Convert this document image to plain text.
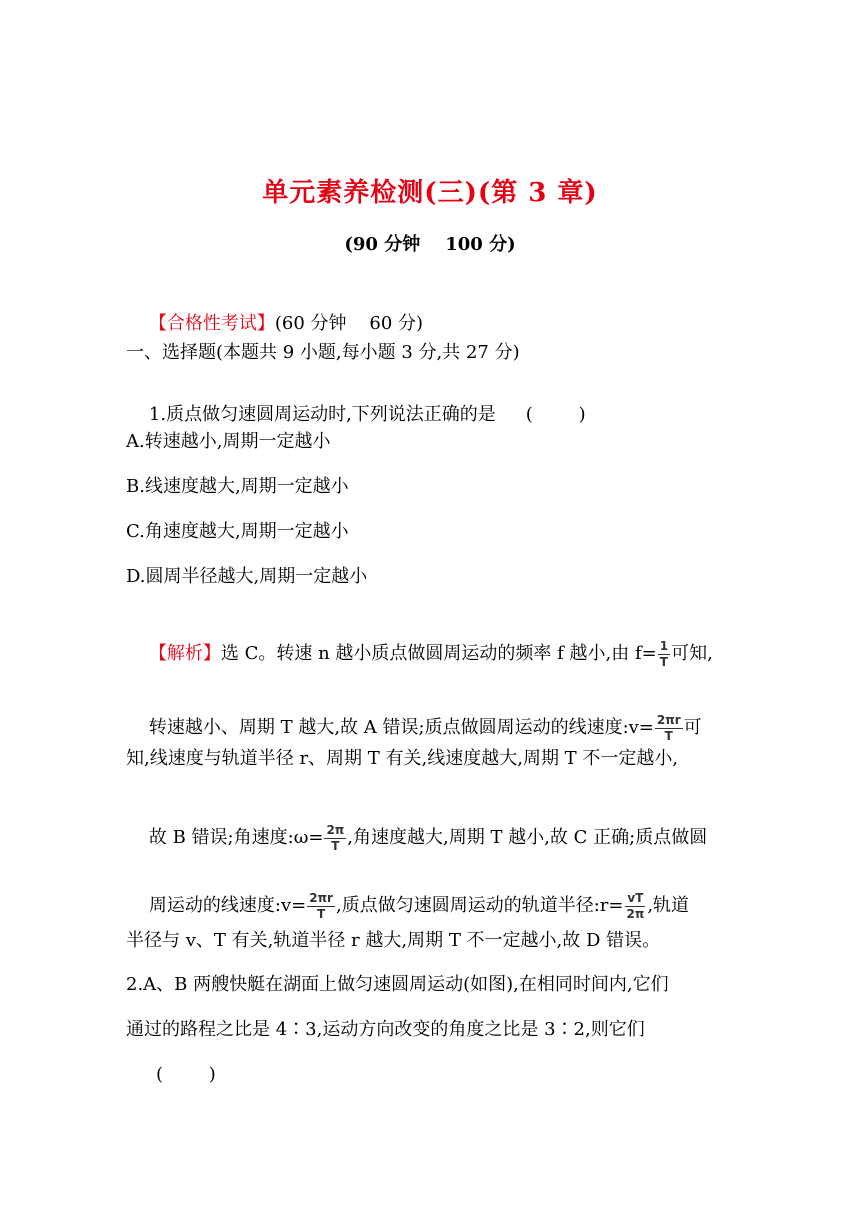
单元素养检测(三)(第 3 章)
(90 分钟    100 分)

【合格性考试】(60 分钟    60 分)

一、选择题(本题共 9 小题,每小题 3 分,共 27 分)

1.质点做匀速圆周运动时,下列说法正确的是 (        )

A.转速越小,周期一定越小
B.线速度越大,周期一定越小
C.角速度越大,周期一定越小
D.圆周半径越大,周期一定越小

【解析】选 C。转速 n 越小质点做圆周运动的频率 f 越小,由 $f= \frac{1}{T}$ 可知,

转速越小、周期 T 越大,故 A 错误;质点做圆周运动的线速度:v= $\frac{2\pi r}{T}$ 可

知,线速度与轨道半径 r、周期 T 有关,线速度越大,周期 T 不一定越小,

故 B 错误;角速度:ω= $\frac{2\pi}{T}$ ,角速度越大,周期 T 越小,故 C 正确;质点做圆

周运动的线速度:v= $\frac{2\pi r}{T}$ ,质点做匀速圆周运动的轨道半径:r= $\frac{vT}{2\pi}$ ,轨道

半径与 v、T 有关,轨道半径 r 越大,周期 T 不一定越小,故 D 错误。
2.A、B 两艘快艇在湖面上做匀速圆周运动(如图),在相同时间内,它们
通过的路程之比是 4∶3,运动方向改变的角度之比是 3∶2,则它们
(        )
